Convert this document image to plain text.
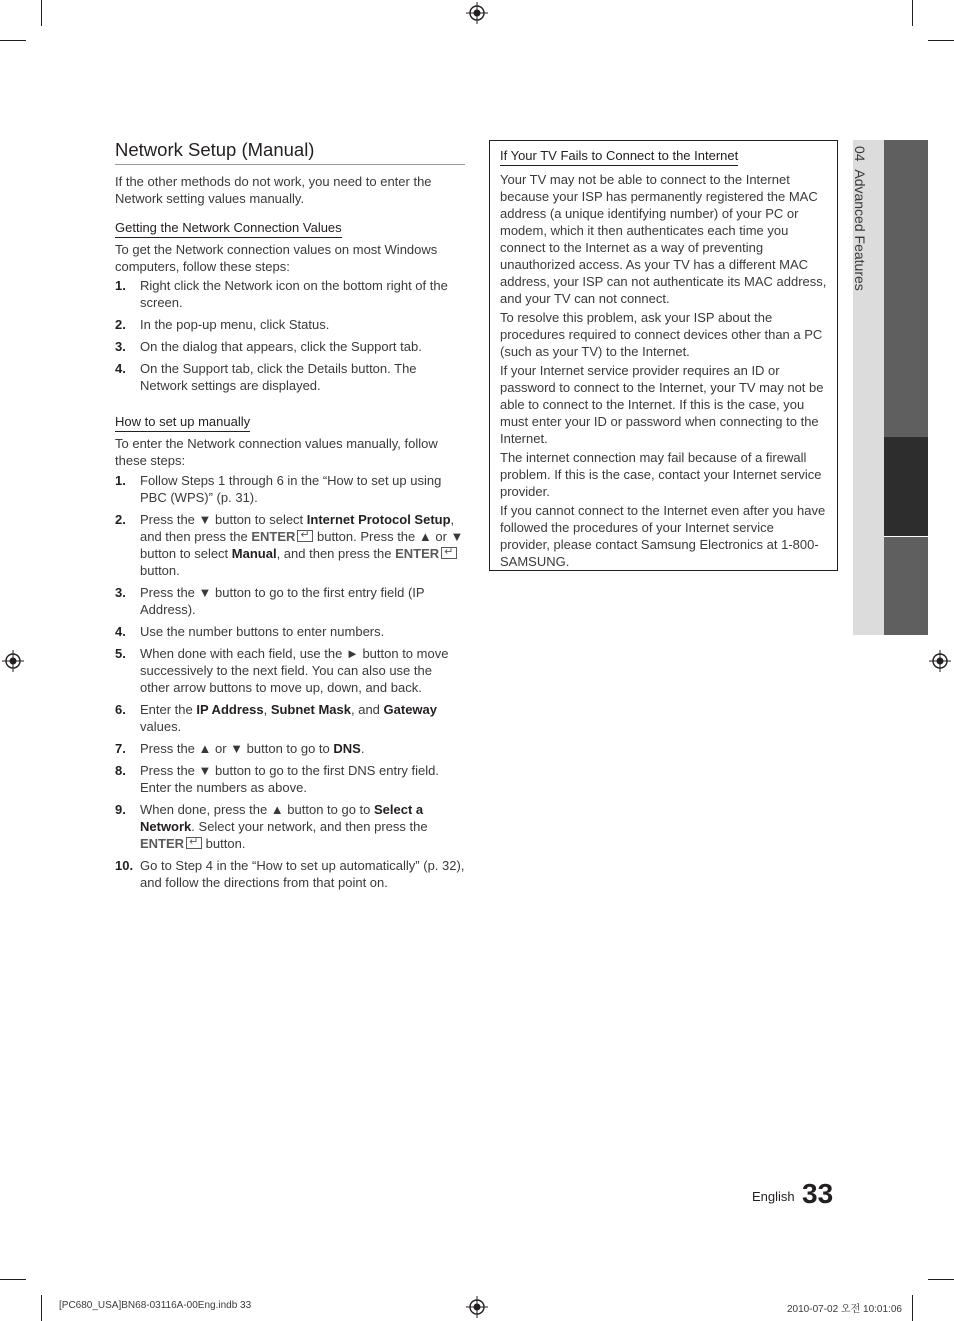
Network Setup (Manual)

If the other methods do not work, you need to enter the Network setting values manually.

Getting the Network Connection Values

To get the Network connection values on most Windows computers, follow these steps:

1. Right click the Network icon on the bottom right of the screen.
2. In the pop-up menu, click Status.
3. On the dialog that appears, click the Support tab.
4. On the Support tab, click the Details button. The Network settings are displayed.
How to set up manually

To enter the Network connection values manually, follow these steps:

1. Follow Steps 1 through 6 in the “How to set up using PBC (WPS)” (p. 31).
2. Press the ▼ button to select Internet Protocol Setup, and then press the ENTER↵ button. Press the ▲ or ▼ button to select Manual, and then press the ENTER↵ button.
3. Press the ▼ button to go to the first entry field (IP Address).
4. Use the number buttons to enter numbers.
5. When done with each field, use the ► button to move successively to the next field. You can also use the other arrow buttons to move up, down, and back.
6. Enter the IP Address, Subnet Mask, and Gateway values.
7. Press the ▲ or ▼ button to go to DNS.
8. Press the ▼ button to go to the first DNS entry field. Enter the numbers as above.
9. When done, press the ▲ button to go to Select a Network. Select your network, and then press the ENTER↵ button.
10. Go to Step 4 in the “How to set up automatically” (p. 32), and follow the directions from that point on.
If Your TV Fails to Connect to the Internet

Your TV may not be able to connect to the Internet because your ISP has permanently registered the MAC address (a unique identifying number) of your PC or modem, which it then authenticates each time you connect to the Internet as a way of preventing unauthorized access. As your TV has a different MAC address, your ISP can not authenticate its MAC address, and your TV can not connect.

To resolve this problem, ask your ISP about the procedures required to connect devices other than a PC (such as your TV) to the Internet.

If your Internet service provider requires an ID or password to connect to the Internet, your TV may not be able to connect to the Internet. If this is the case, you must enter your ID or password when connecting to the Internet.

The internet connection may fail because of a firewall problem. If this is the case, contact your Internet service provider.

If you cannot connect to the Internet even after you have followed the procedures of your Internet service provider, please contact Samsung Electronics at 1-800-SAMSUNG.

04  Advanced Features
English 33
[PC680_USA]BN68-03116A-00Eng.indb 33	2010-07-02 오전 10:01:06
